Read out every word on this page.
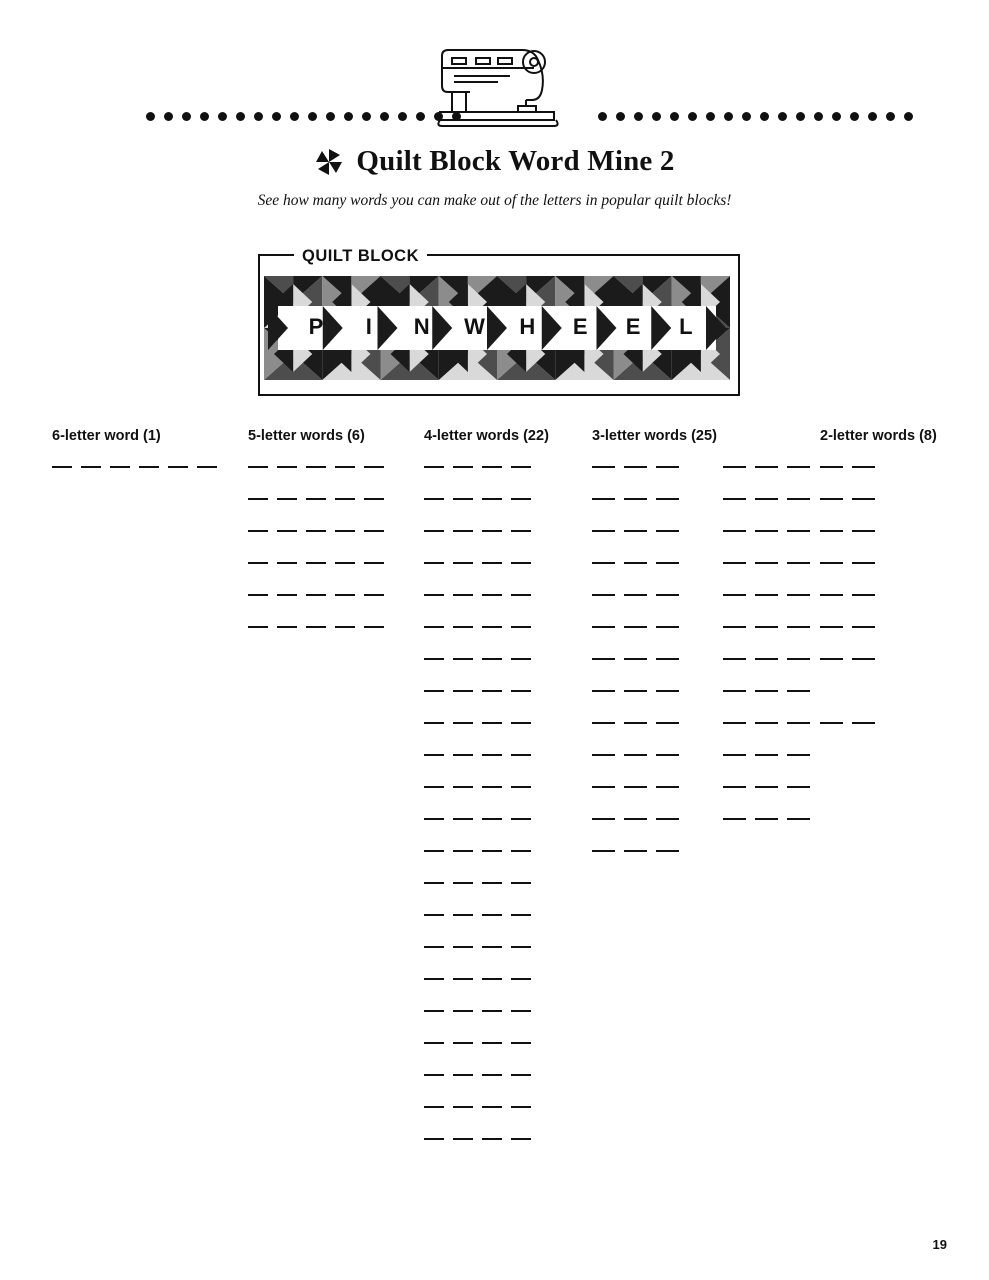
Quilt Block Word Mine 2
See how many words you can make out of the letters in popular quilt blocks!
P	I	N	W	H	E	E	L
QUILT BLOCK
6-letter word (1)	5-letter words (6)	4-letter words (22)	3-letter words (25)	2-letter words (8)
19
